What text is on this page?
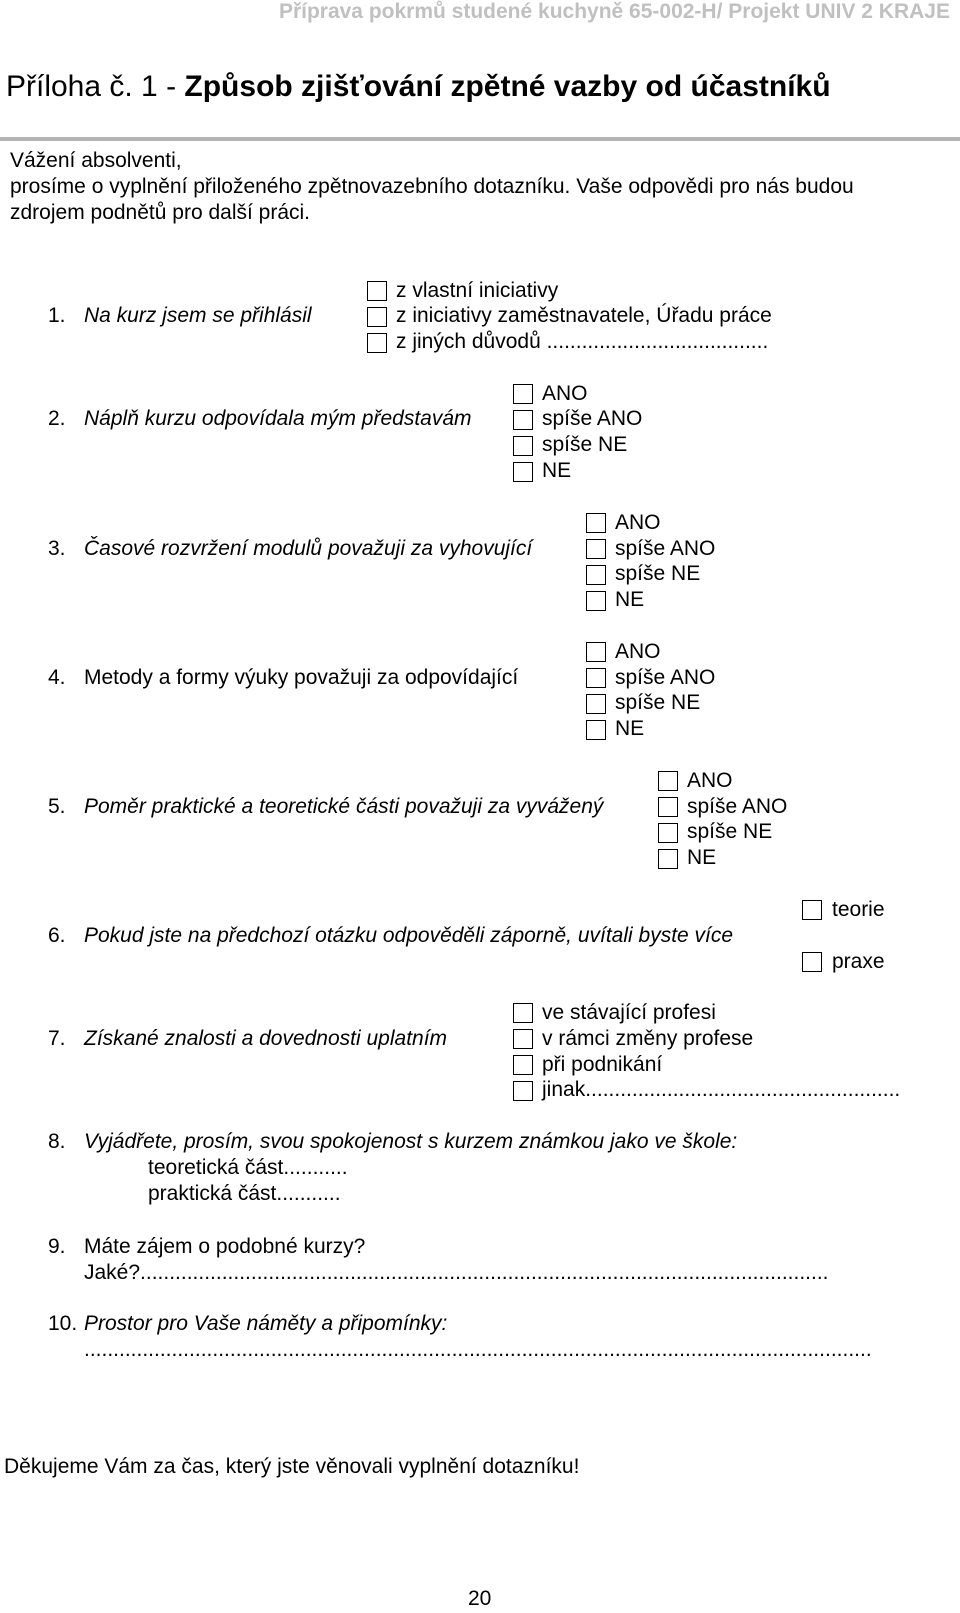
Příprava pokrmů studené kuchyně 65-002-H/ Projekt UNIV 2 KRAJE
Příloha č. 1 - Způsob zjišťování zpětné vazby od účastníků
Vážení absolventi,
prosíme o vyplnění přiloženého zpětnovazebního dotazníku. Vaše odpovědi pro nás budou
zdrojem podnětů pro další práci.
1. Na kurz jsem se přihlásil
z vlastní iniciativy
z iniciativy zaměstnavatele, Úřadu práce
z jiných důvodů ......................................
2. Náplň kurzu odpovídala mým představám
ANO
spíše ANO
spíše NE
NE
3. Časové rozvržení modulů považuji za vyhovující
ANO
spíše ANO
spíše NE
NE
4. Metody a formy výuky považuji za odpovídající
ANO
spíše ANO
spíše NE
NE
5. Poměr praktické a teoretické části považuji za vyvážený
ANO
spíše ANO
spíše NE
NE
6. Pokud jste na předchozí otázku odpověděli záporně, uvítali byste více
teorie
praxe
7. Získané znalosti a dovednosti uplatním
ve stávající profesi
v rámci změny profese
při podnikání
jinak......................................................
8. Vyjádřete, prosím, svou spokojenost s kurzem známkou jako ve škole:
teoretická část...........
praktická část...........
9. Máte zájem o podobné kurzy?
Jaké?......................................................................................................................
10. Prostor pro Vaše náměty a připomínky:
.......................................................................................................................................
Děkujeme Vám za čas, který jste věnovali vyplnění dotazníku!
20
